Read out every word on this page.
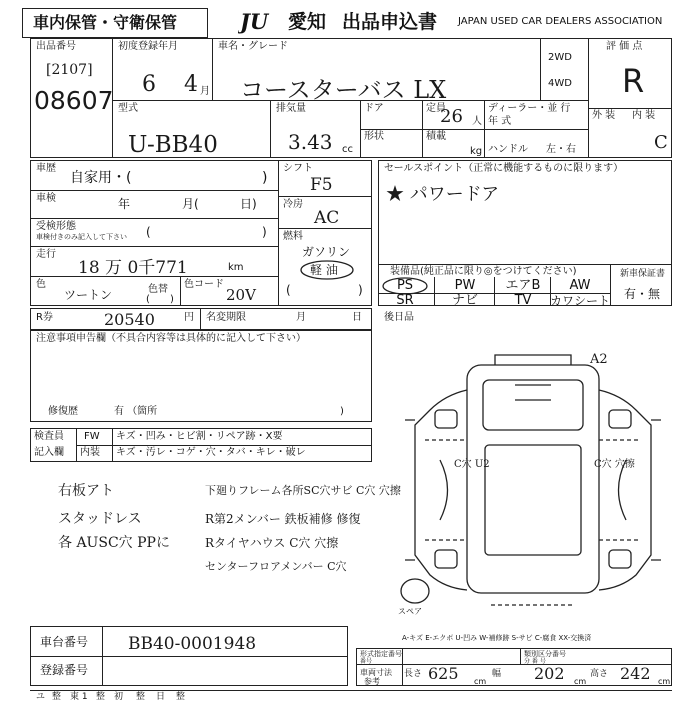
車内保管・守衛保管	JU 愛知 出品申込書 JAPAN USED CAR DEALERS ASSOCIATION
出品番号
[2107]
08607
初度登録年月
6 4 月
車名・グレード
コースターバス LX
2WD
4WD
評 価 点
R
外 装 内 装
C
型式
U-BB40
排気量
3.43 cc
ドア	定員
26 人
ディーラー・並 行
年 式
形状	積載
kg ハンドル 左・右
車歴
自家用・(	)
車検	年	月(	日)
受検形態
車検付きのみ記入して下さい (	)
走行
18 万 0千771	km
色
ツートン	色替
( )
色コード
20V
シフト
F5
冷房
AC
燃料
ガソリン
軽 油
(	)
セールスポイント（正常に機能するものに限ります）
★ パワードア
装備品(純正品に限り◎をつけてください)
PS	PW	エアB	AW
SR	ナビ	TV	カワシート
新車保証書
有・無
R券	20540	円 名変期限	月	日 後日品
注意事項申告欄（不具合内容等は具体的に記入して下さい）
修復歴	有 （箇所	)
検査員
記入欄
FW キズ・凹み・ヒビ割・リペア跡・X要
内装 キズ・汚レ・コゲ・穴・タバ・キレ・破レ
右板アト
スタッドレス
各 AUSC穴 PPに
下廻りフレーム各所SC穴サビ C穴 穴擦
R第2メンバー 鉄板補修 修復
Rタイヤハウス C穴 穴擦
センターフロアメンバー C穴
スペア
A2
C穴 U2	C穴 穴擦
A-キズ E-エクボ U-凹み W-補修跡 S-サビ C-腐食 XX-交換済
車台番号 BB40-0001948
登録番号
形式指定番号
番号
類別区分番号
分 番 号
車両寸法
参考
長さ 625 cm
幅 202 cm
高さ 242 cm
ユ 整 東 1 整 初 整 日 整
